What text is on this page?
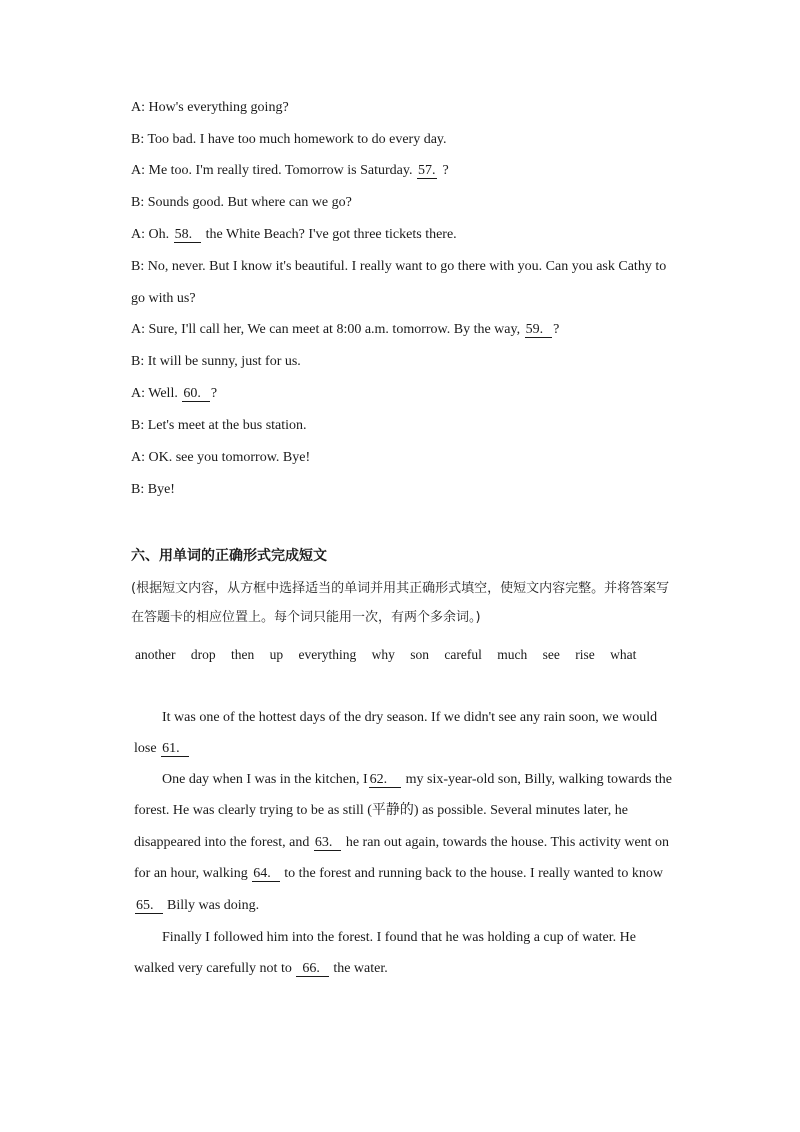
A: How's everything going?
B: Too bad. I have too much homework to do every day.
A: Me too. I'm really tired. Tomorrow is Saturday. 57. ?
B: Sounds good. But where can we go?
A: Oh. 58. the White Beach? I've got three tickets there.
B: No, never. But I know it's beautiful. I really want to go there with you. Can you ask Cathy to
go with us?
A: Sure, I'll call her, We can meet at 8:00 a.m. tomorrow. By the way, 59. ?
B: It will be sunny, just for us.
A: Well. 60. ?
B: Let's meet at the bus station.
A: OK. see you tomorrow. Bye!
B: Bye!
六、用单词的正确形式完成短文
(根据短文内容，从方框中选择适当的单词并用其正确形式填空，使短文内容完整。并将答案写在答题卡的相应位置上。每个词只能用一次，有两个多余词。)
another drop then up everything why son careful much see rise what
It was one of the hottest days of the dry season. If we didn't see any rain soon, we would
lose 61.
One day when I was in the kitchen, I 62. my six-year-old son, Billy, walking towards the
forest. He was clearly trying to be as still (平静的) as possible. Several minutes later, he
disappeared into the forest, and 63. he ran out again, towards the house. This activity went on
for an hour, walking 64. to the forest and running back to the house. I really wanted to know
65. Billy was doing.
Finally I followed him into the forest. I found that he was holding a cup of water. He
walked very carefully not to 66. the water.
